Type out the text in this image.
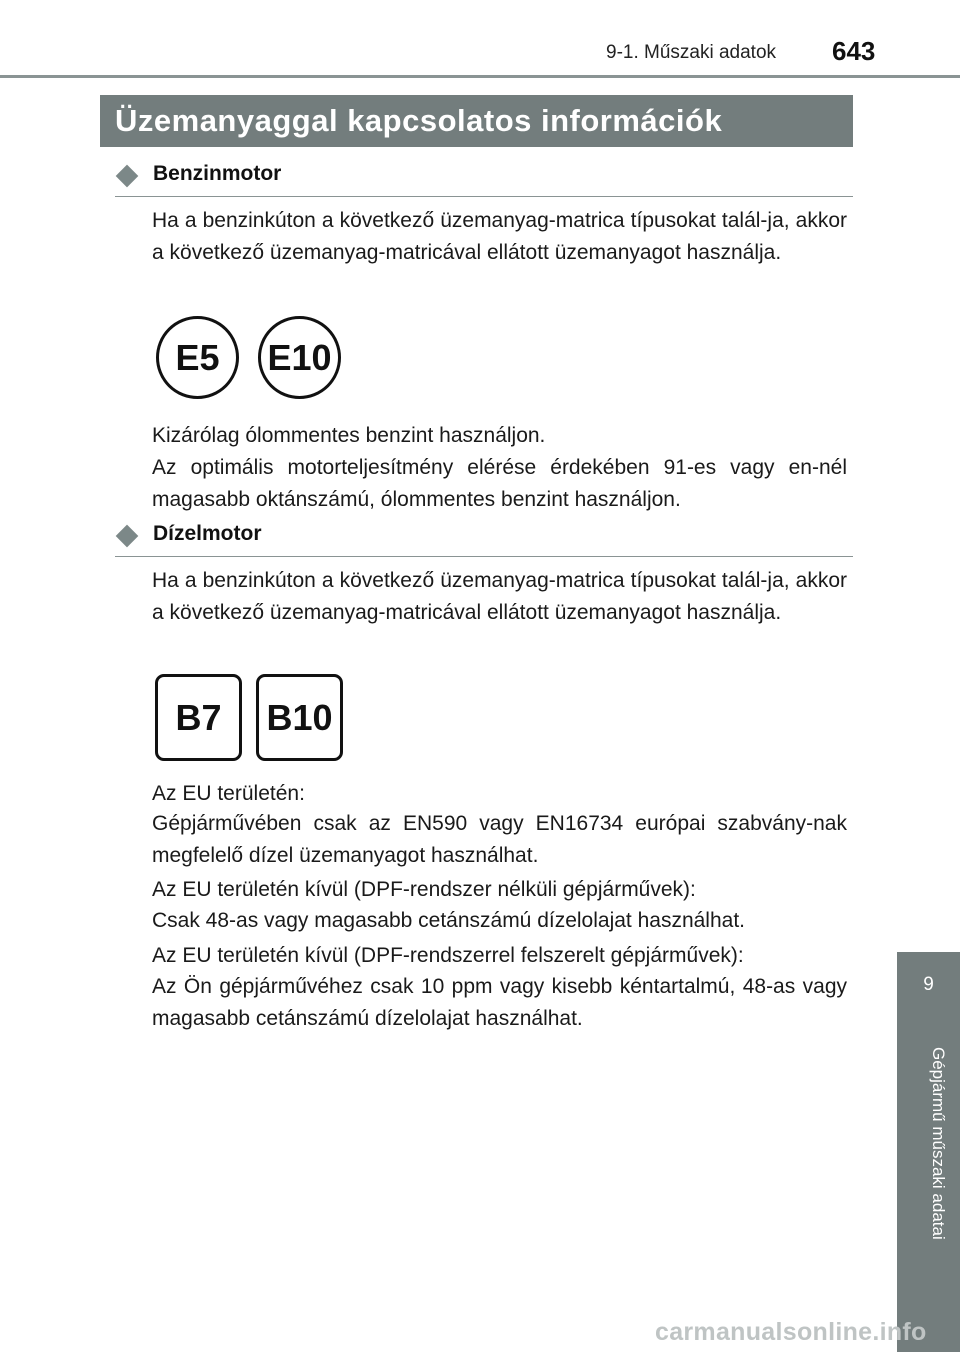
9-1. Műszaki adatok 643
Üzemanyaggal kapcsolatos információk
Benzinmotor

Ha a benzinkúton a következő üzemanyag-matrica típusokat talál-ja, akkor a következő üzemanyag-matricával ellátott üzemanyagot használja.

E5	E10
Kizárólag ólommentes benzint használjon.

Az optimális motorteljesítmény elérése érdekében 91-es vagy en-nél magasabb oktánszámú, ólommentes benzint használjon.

Dízelmotor

Ha a benzinkúton a következő üzemanyag-matrica típusokat talál-ja, akkor a következő üzemanyag-matricával ellátott üzemanyagot használja.

B7	B10
Az EU területén:

Gépjárművében csak az EN590 vagy EN16734 európai szabvány-nak megfelelő dízel üzemanyagot használhat.

Az EU területén kívül (DPF-rendszer nélküli gépjárművek):
Csak 48-as vagy magasabb cetánszámú dízelolajat használhat.
Az EU területén kívül (DPF-rendszerrel felszerelt gépjárművek):

Az Ön gépjárművéhez csak 10 ppm vagy kisebb kéntartalmú, 48-as vagy magasabb cetánszámú dízelolajat használhat.

9
Gépjármű műszaki adatai
carmanualsonline.info
